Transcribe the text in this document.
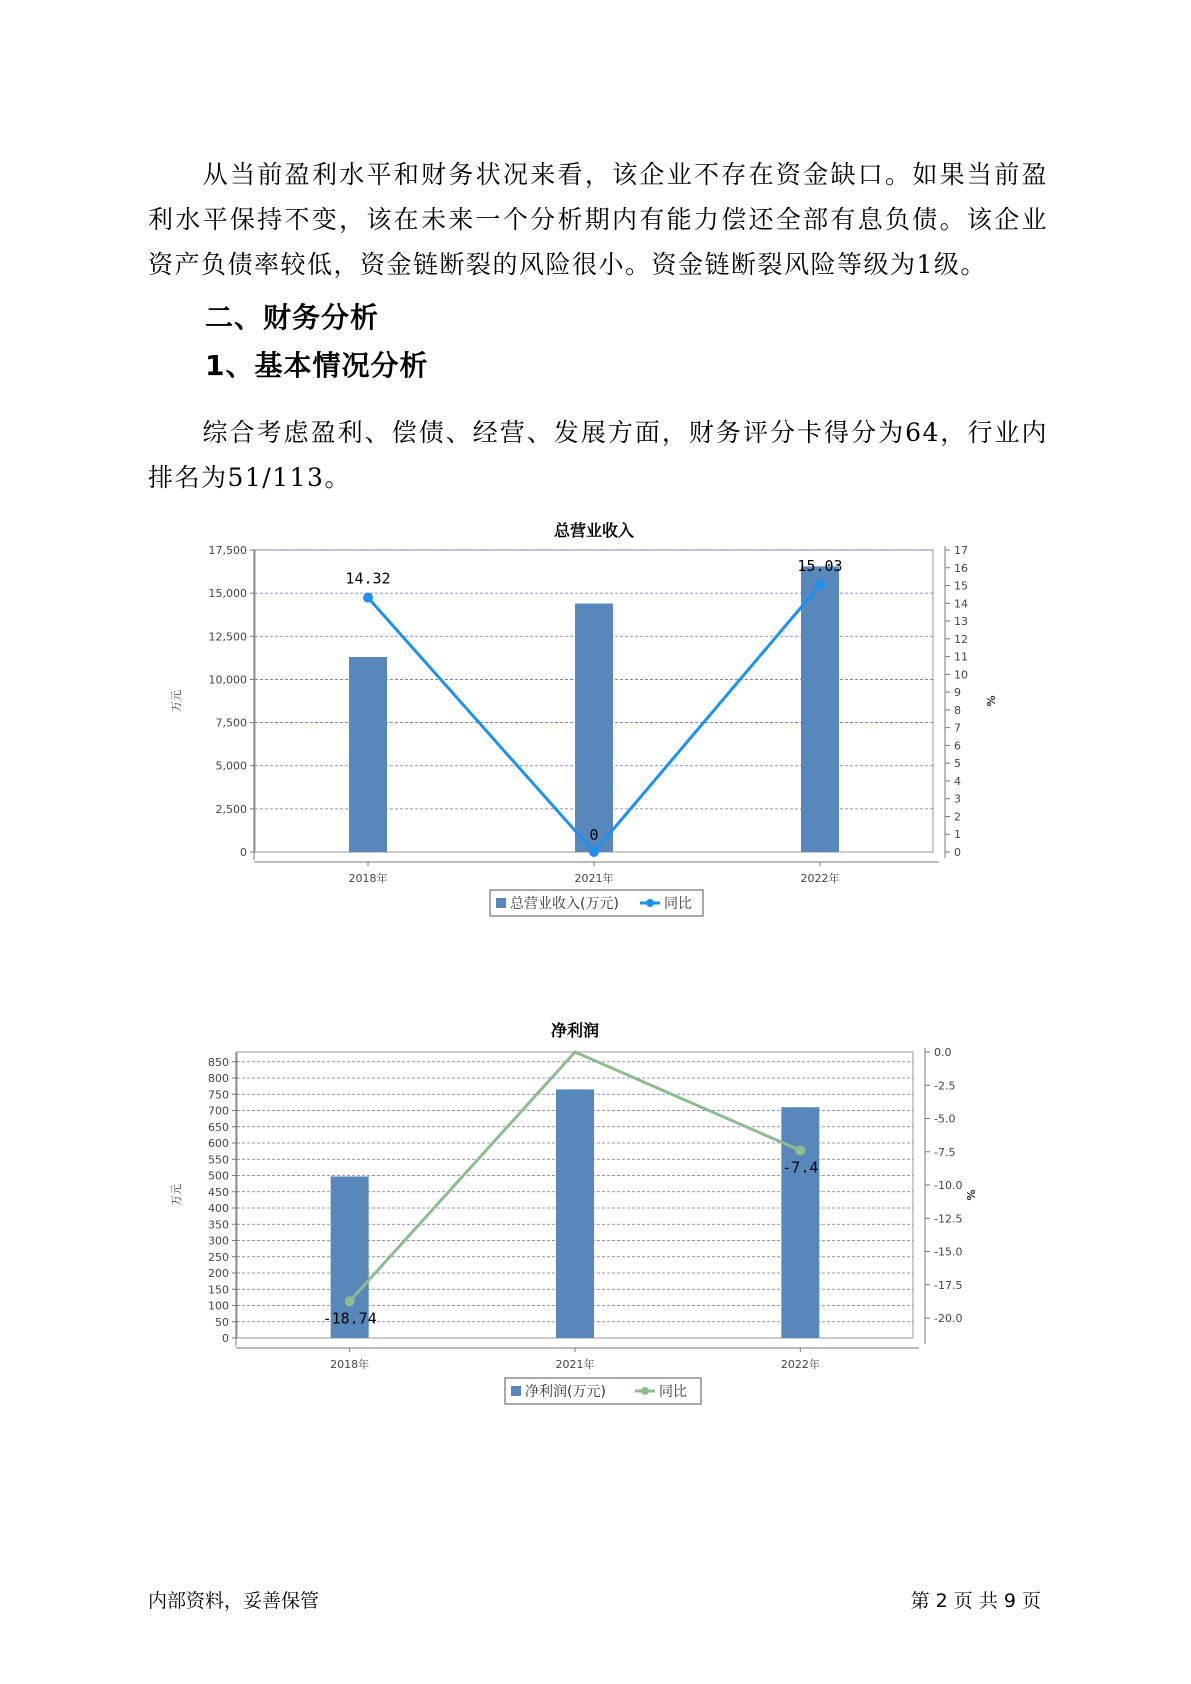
从当前盈利水平和财务状况来看，该企业不存在资金缺口。如果当前盈利水平保持不变，该在未来一个分析期内有能力偿还全部有息负债。该企业资产负债率较低，资金链断裂的风险很小。资金链断裂风险等级为1级。

二、财务分析
1、基本情况分析

综合考虑盈利、偿债、经营、发展方面，财务评分卡得分为64，行业内排名为51/113。

总营业收入
0
2,500
5,000
7,500
10,000
12,500
15,000
17,500
万元
0
1
2
3
4
5
6
7
8
9
10
11
12
13
14
15
16
17
%
2018年	2021年	2022年
14.32
0
15.03
总营业收入(万元)	同比
净利润
0
50
100
150
200
250
300
350
400
450
500
550
600
650
700
750
800
850
万元
0.0
-2.5
-5.0
-7.5
-10.0
-12.5
-15.0
-17.5
-20.0
%
2018年	2021年	2022年
-18.74
-7.4
净利润(万元)	同比
内部资料，妥善保管	第 2 页 共 9 页
